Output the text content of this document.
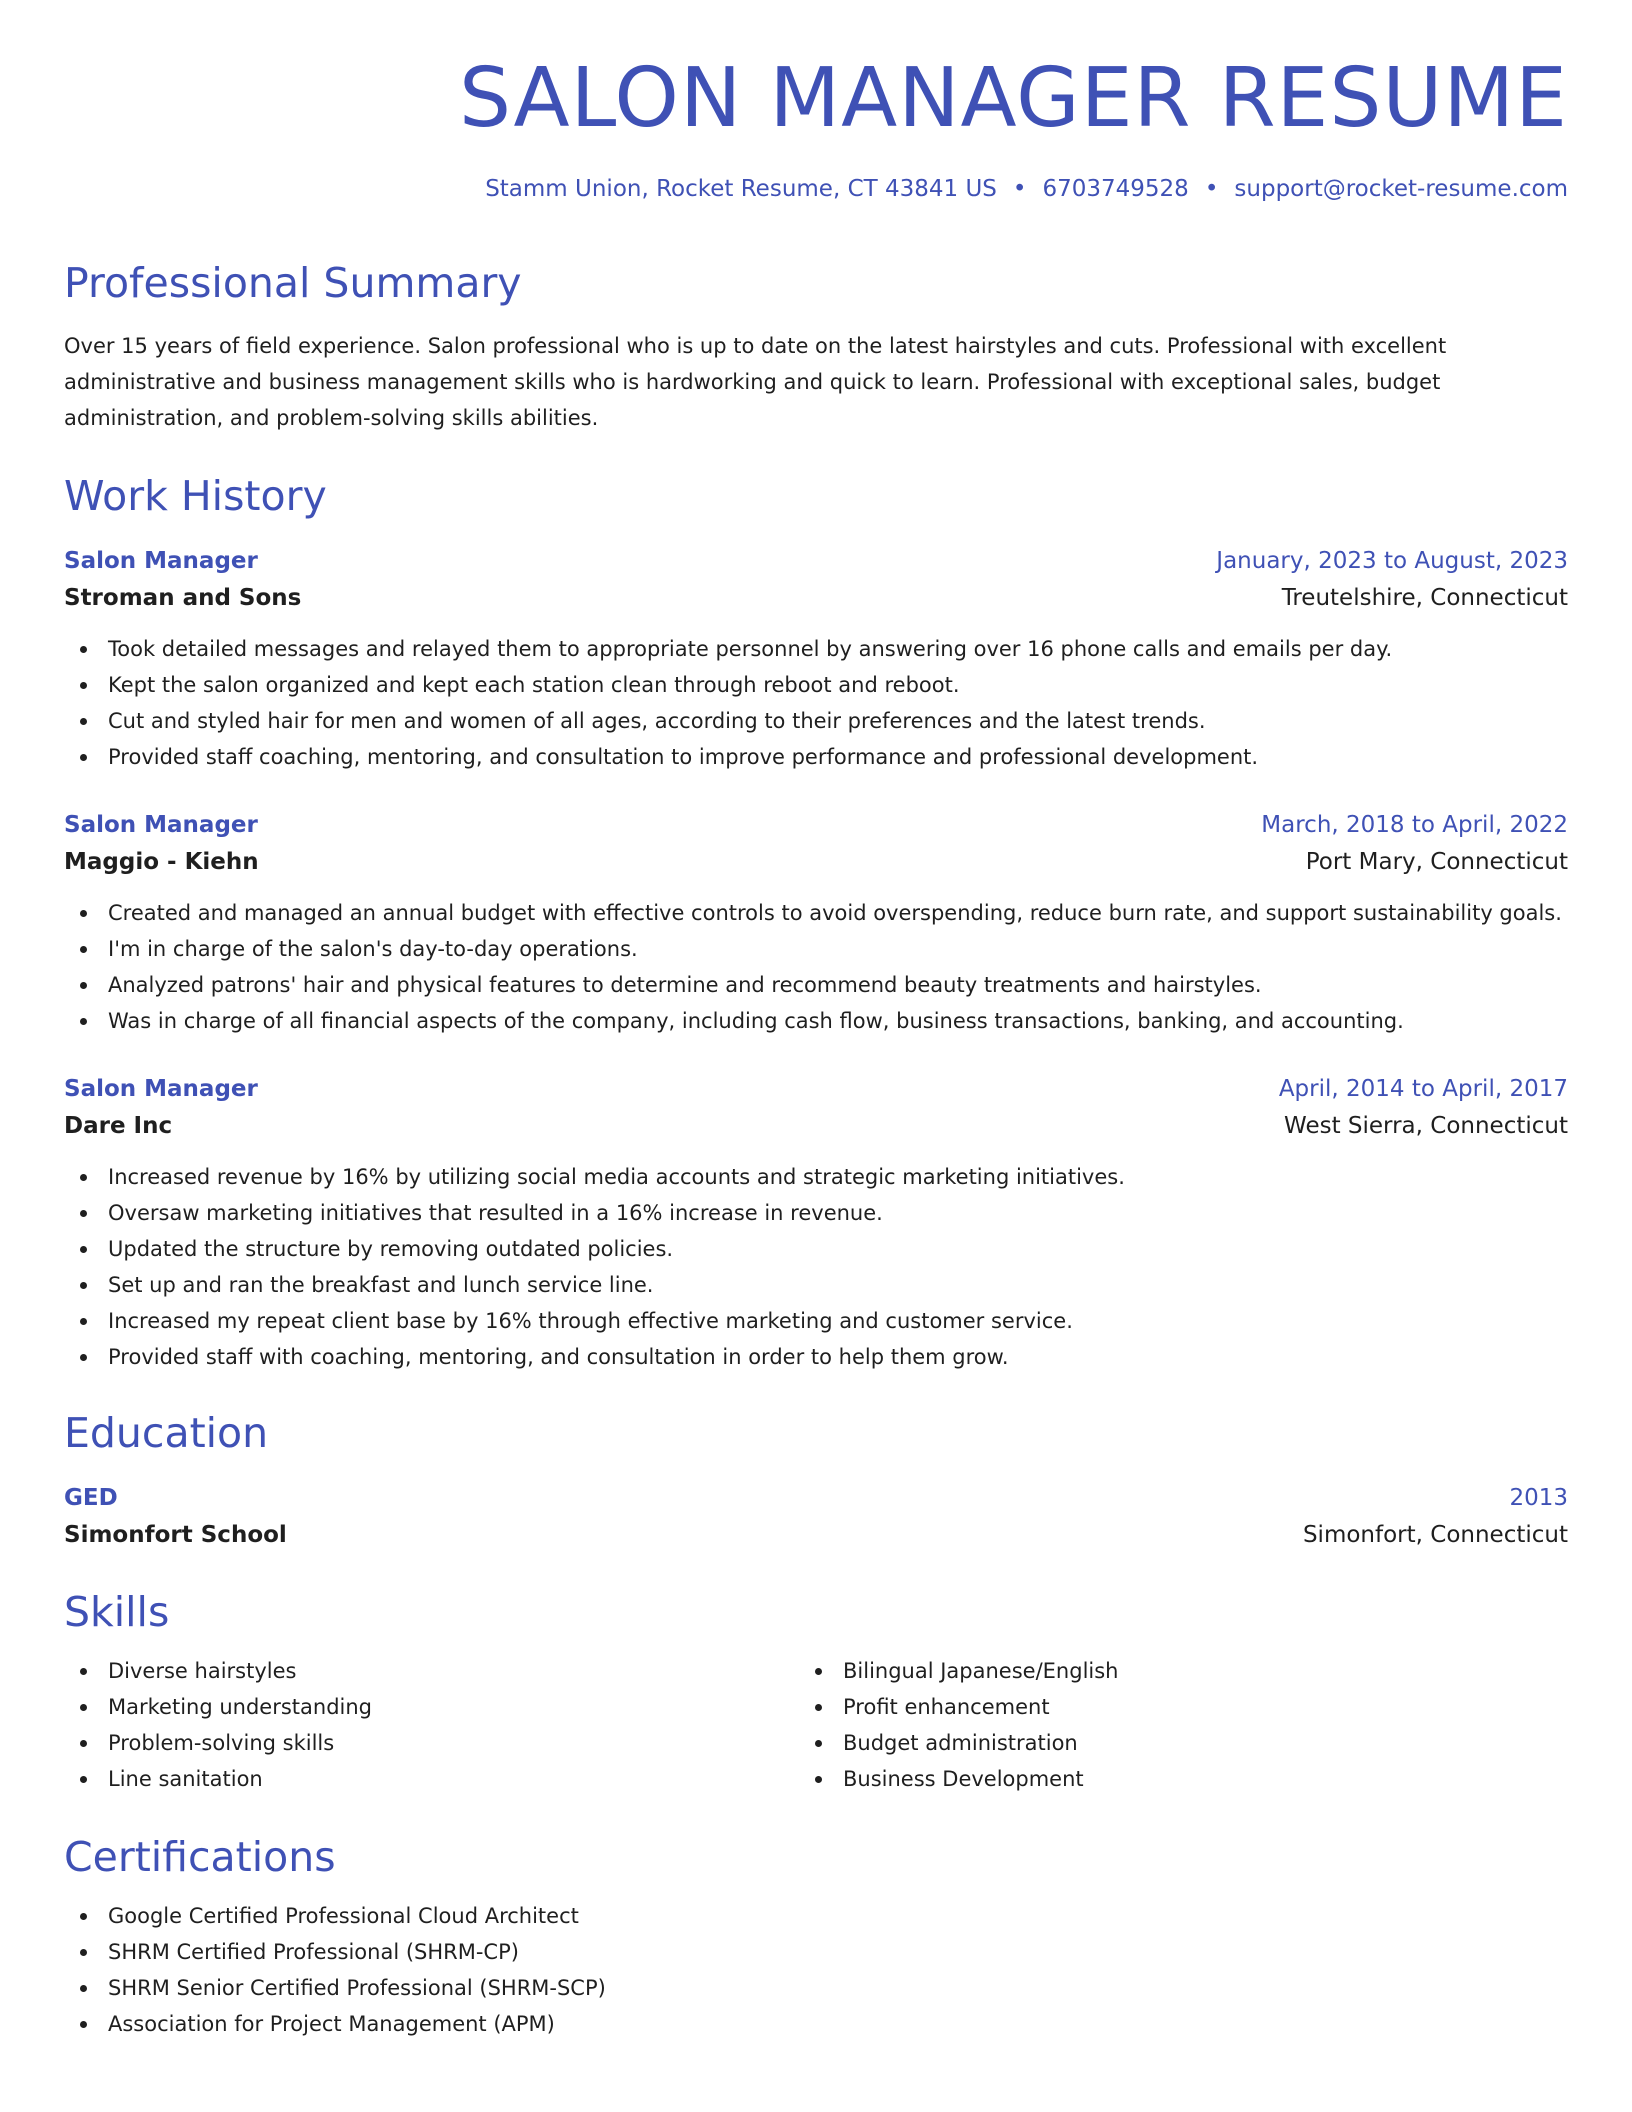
SALON MANAGER RESUME
Stamm Union, Rocket Resume, CT 43841 US • 6703749528 • support@rocket-resume.com
Professional Summary

Over 15 years of field experience. Salon professional who is up to date on the latest hairstyles and cuts. Professional with excellent administrative and business management skills who is hardworking and quick to learn. Professional with exceptional sales, budget administration, and problem-solving skills abilities.

Work History
Salon Manager	January, 2023 to August, 2023
Stroman and Sons	Treutelshire, Connecticut
Took detailed messages and relayed them to appropriate personnel by answering over 16 phone calls and emails per day.
Kept the salon organized and kept each station clean through reboot and reboot.
Cut and styled hair for men and women of all ages, according to their preferences and the latest trends.
Provided staff coaching, mentoring, and consultation to improve performance and professional development.
Salon Manager	March, 2018 to April, 2022
Maggio - Kiehn	Port Mary, Connecticut
Created and managed an annual budget with effective controls to avoid overspending, reduce burn rate, and support sustainability goals.
I'm in charge of the salon's day-to-day operations.
Analyzed patrons' hair and physical features to determine and recommend beauty treatments and hairstyles.
Was in charge of all financial aspects of the company, including cash flow, business transactions, banking, and accounting.
Salon Manager	April, 2014 to April, 2017
Dare Inc	West Sierra, Connecticut
Increased revenue by 16% by utilizing social media accounts and strategic marketing initiatives.
Oversaw marketing initiatives that resulted in a 16% increase in revenue.
Updated the structure by removing outdated policies.
Set up and ran the breakfast and lunch service line.
Increased my repeat client base by 16% through effective marketing and customer service.
Provided staff with coaching, mentoring, and consultation in order to help them grow.
Education
GED	2013
Simonfort School	Simonfort, Connecticut
Skills
Diverse hairstyles
Marketing understanding
Problem-solving skills
Line sanitation
Bilingual Japanese/English
Profit enhancement
Budget administration
Business Development
Certifications
Google Certified Professional Cloud Architect
SHRM Certified Professional (SHRM-CP)
SHRM Senior Certified Professional (SHRM-SCP)
Association for Project Management (APM)
